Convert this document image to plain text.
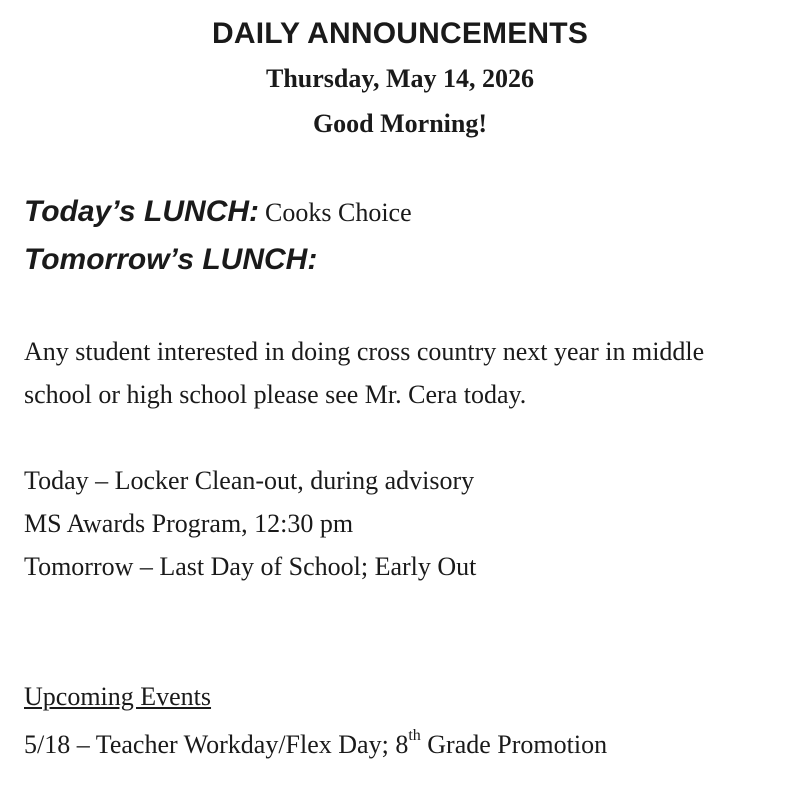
DAILY ANNOUNCEMENTS
Thursday, May 14, 2026
Good Morning!
Today’s LUNCH: Cooks Choice
Tomorrow’s LUNCH:
Any student interested in doing cross country next year in middle
school or high school please see Mr. Cera today.
Today – Locker Clean-out, during advisory
MS Awards Program, 12:30 pm
Tomorrow – Last Day of School; Early Out
Upcoming Events
5/18 – Teacher Workday/Flex Day; 8th Grade Promotion
